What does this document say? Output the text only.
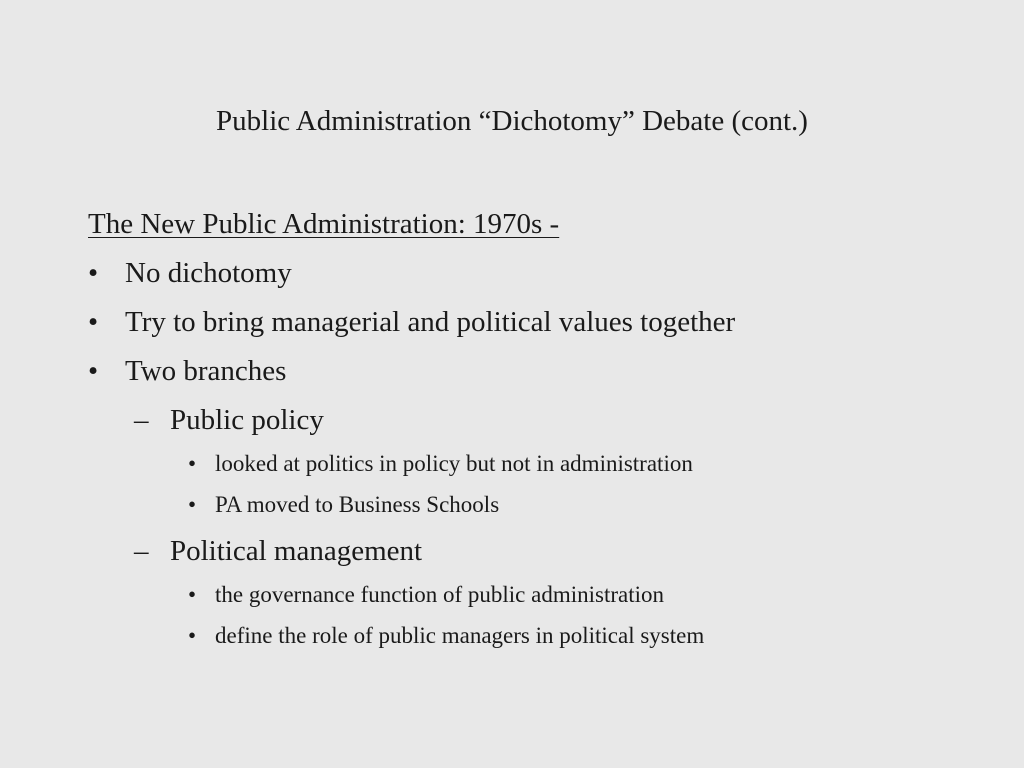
Public Administration “Dichotomy” Debate (cont.)
The New Public Administration: 1970s -
• No dichotomy
• Try to bring managerial and political values together
• Two branches
– Public policy
• looked at politics in policy but not in administration
• PA moved to Business Schools
– Political management
• the governance function of public administration
• define the role of public managers in political system
